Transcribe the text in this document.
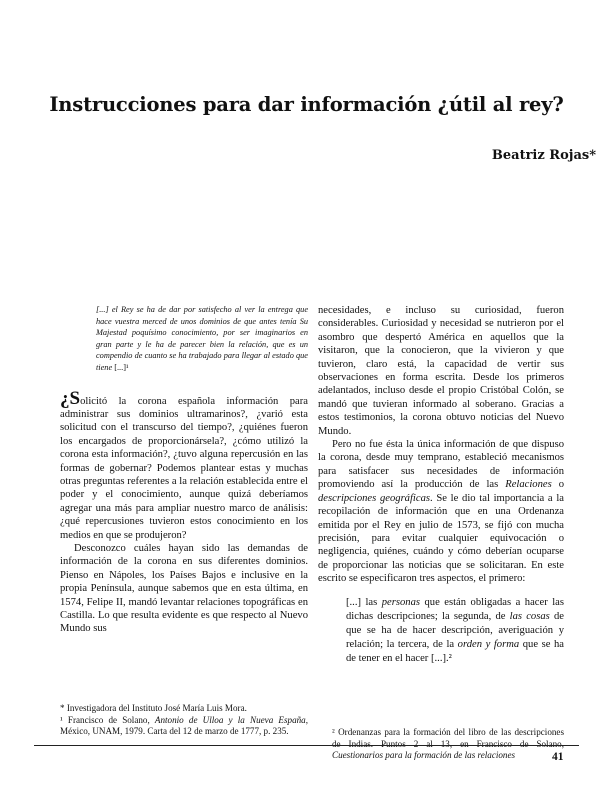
Instrucciones para dar información ¿útil al rey?
Beatriz Rojas*
[...] el Rey se ha de dar por satisfecho al ver la entrega que hace vuestra merced de unos dominios de que antes tenía Su Majestad poquísimo conocimiento, por ser imaginarios en gran parte y le ha de parecer bien la relación, que es un compendio de cuanto se ha trabajado para llegar al estado que tiene [...]¹

¿Solicitó la corona española información para administrar sus dominios ultramarinos?, ¿varió esta solicitud con el transcurso del tiempo?, ¿quiénes fueron los encargados de proporcionársela?, ¿cómo utilizó la corona esta información?, ¿tuvo alguna repercusión en las formas de gobernar? Podemos plantear estas y muchas otras preguntas referentes a la relación establecida entre el poder y el conocimiento, aunque quizá deberíamos agregar una más para ampliar nuestro marco de análisis: ¿qué repercusiones tuvieron estos conocimiento en los medios en que se produjeron?

Desconozco cuáles hayan sido las demandas de información de la corona en sus diferentes dominios. Pienso en Nápoles, los Países Bajos e inclusive en la propia Península, aunque sabemos que en esta última, en 1574, Felipe II, mandó levantar relaciones topográficas en Castilla. Lo que resulta evidente es que respecto al Nuevo Mundo sus

necesidades, e incluso su curiosidad, fueron considerables. Curiosidad y necesidad se nutrieron por el asombro que despertó América en aquellos que la visitaron, que la conocieron, que la vivieron y que tuvieron, claro está, la capacidad de vertir sus observaciones en forma escrita. Desde los primeros adelantados, incluso desde el propio Cristóbal Colón, se mandó que tuvieran informado al soberano. Gracias a estos testimonios, la corona obtuvo noticias del Nuevo Mundo.

Pero no fue ésta la única información de que dispuso la corona, desde muy temprano, estableció mecanismos para satisfacer sus necesidades de información promoviendo así la producción de las Relaciones o descripciones geográficas. Se le dio tal importancia a la recopilación de información que en una Ordenanza emitida por el Rey en julio de 1573, se fijó con mucha precisión, para evitar cualquier equivocación o negligencia, quiénes, cuándo y cómo deberían ocuparse de proporcionar las noticias que se solicitaran. En este escrito se especificaron tres aspectos, el primero:

[...] las personas que están obligadas a hacer las dichas descripciones; la segunda, de las cosas de que se ha de hacer descripción, averiguación y relación; la tercera, de la orden y forma que se ha de tener en el hacer [...].²

* Investigadora del Instituto José María Luis Mora.

¹ Francisco de Solano, Antonio de Ulloa y la Nueva España, México, UNAM, 1979. Carta del 12 de marzo de 1777, p. 235.	² Ordenanzas para la formación del libro de las descripciones de Indias. Puntos 2 al 13, en Francisco de Solano, Cuestionarios para la formación de las relaciones	41
